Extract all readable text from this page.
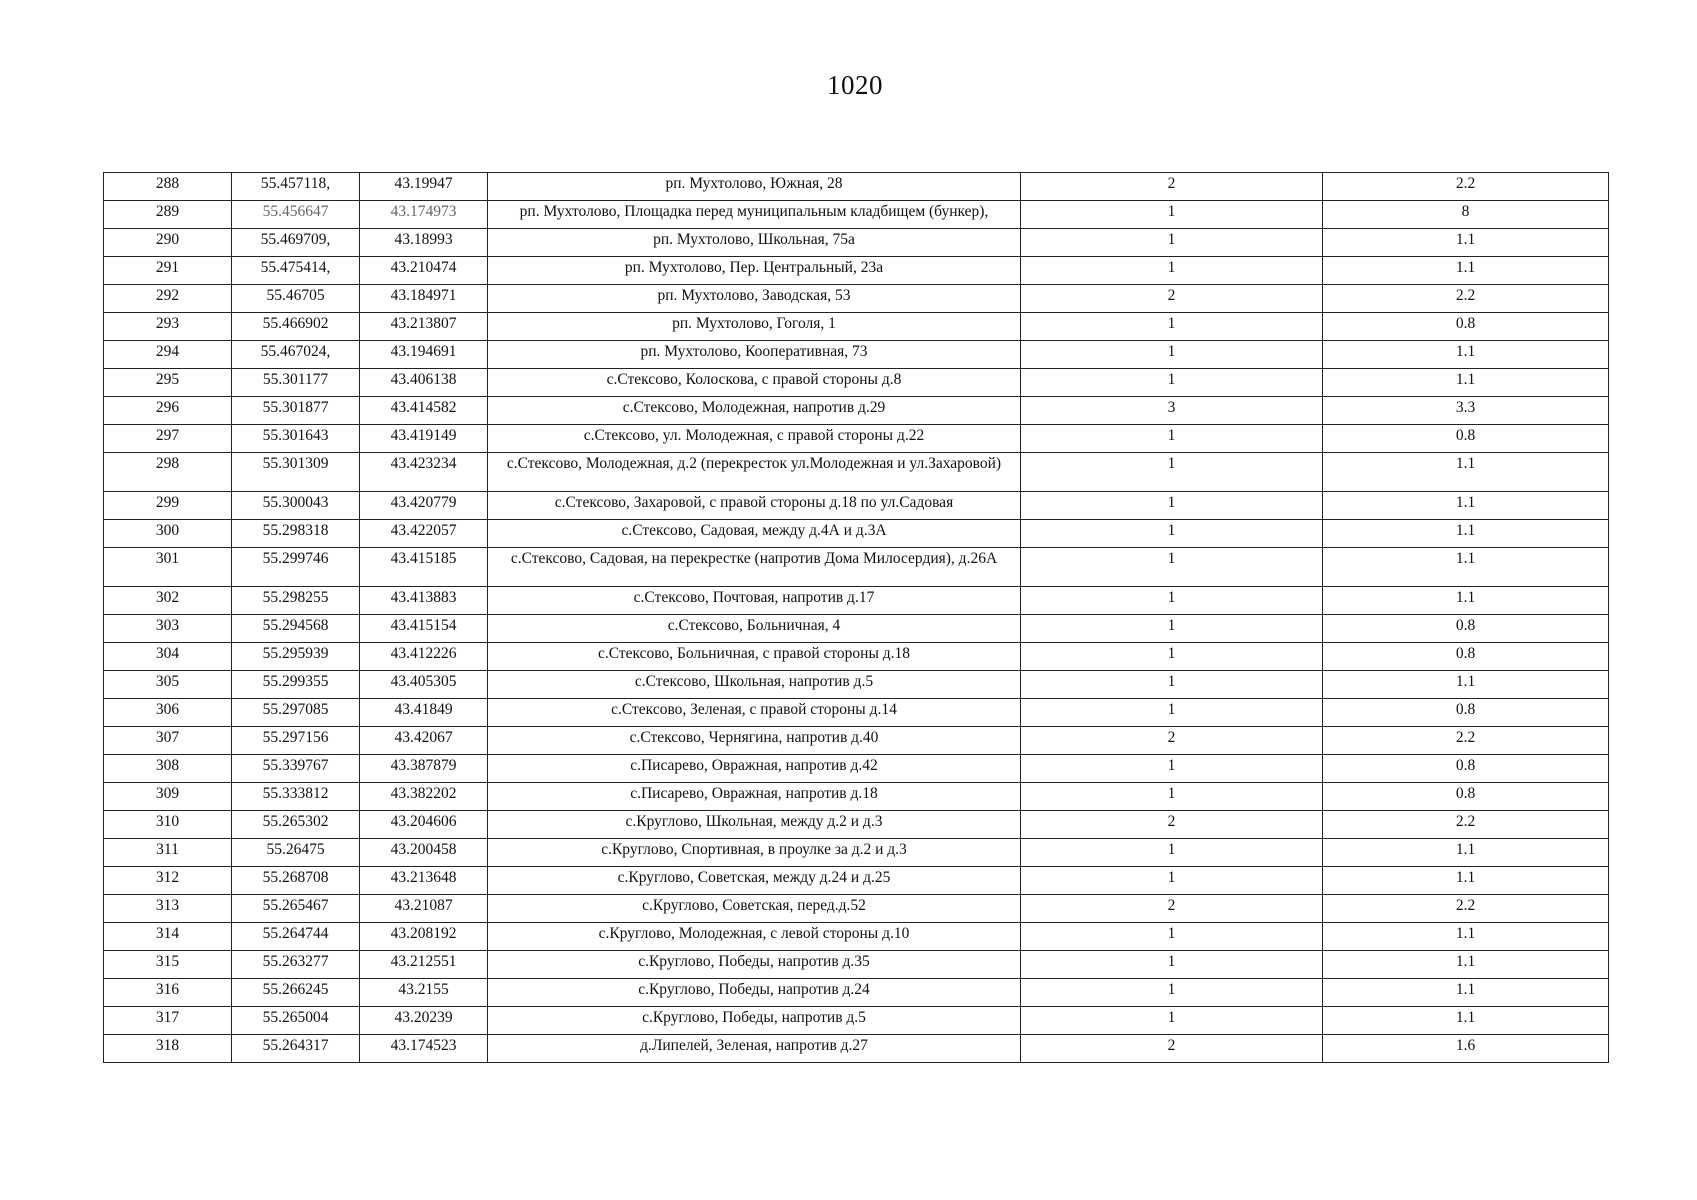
1020
288	55.457118,	43.19947	рп. Мухтолово, Южная, 28	2	2.2
289	55.456647	43.174973	рп. Мухтолово, Площадка перед муниципальным кладбищем (бункер),	1	8
290	55.469709,	43.18993	рп. Мухтолово, Школьная, 75а	1	1.1
291	55.475414,	43.210474	рп. Мухтолово, Пер. Центральный, 23а	1	1.1
292	55.46705	43.184971	рп. Мухтолово, Заводская, 53	2	2.2
293	55.466902	43.213807	рп. Мухтолово, Гоголя, 1	1	0.8
294	55.467024,	43.194691	рп. Мухтолово, Кооперативная, 73	1	1.1
295	55.301177	43.406138	с.Стексово, Колоскова, с правой стороны д.8	1	1.1
296	55.301877	43.414582	с.Стексово, Молодежная, напротив д.29	3	3.3
297	55.301643	43.419149	с.Стексово, ул. Молодежная, с правой стороны д.22	1	0.8
298	55.301309	43.423234	с.Стексово, Молодежная, д.2 (перекресток ул.Молодежная и ул.Захаровой)	1	1.1
299	55.300043	43.420779	с.Стексово, Захаровой, с правой стороны д.18 по ул.Садовая	1	1.1
300	55.298318	43.422057	с.Стексово, Садовая, между д.4А и д.3А	1	1.1
301	55.299746	43.415185	с.Стексово, Садовая, на перекрестке (напротив Дома Милосердия), д.26А	1	1.1
302	55.298255	43.413883	с.Стексово, Почтовая, напротив д.17	1	1.1
303	55.294568	43.415154	с.Стексово, Больничная, 4	1	0.8
304	55.295939	43.412226	с.Стексово, Больничная, с правой стороны д.18	1	0.8
305	55.299355	43.405305	с.Стексово, Школьная, напротив д.5	1	1.1
306	55.297085	43.41849	с.Стексово, Зеленая, с правой стороны д.14	1	0.8
307	55.297156	43.42067	с.Стексово, Чернягина, напротив д.40	2	2.2
308	55.339767	43.387879	с.Писарево, Овражная, напротив д.42	1	0.8
309	55.333812	43.382202	с.Писарево, Овражная, напротив д.18	1	0.8
310	55.265302	43.204606	с.Круглово, Школьная, между д.2 и д.3	2	2.2
311	55.26475	43.200458	с.Круглово, Спортивная, в проулке за д.2 и д.3	1	1.1
312	55.268708	43.213648	с.Круглово, Советская, между д.24 и д.25	1	1.1
313	55.265467	43.21087	с.Круглово, Советская, перед.д.52	2	2.2
314	55.264744	43.208192	с.Круглово, Молодежная, с левой стороны д.10	1	1.1
315	55.263277	43.212551	с.Круглово, Победы, напротив д.35	1	1.1
316	55.266245	43.2155	с.Круглово, Победы, напротив д.24	1	1.1
317	55.265004	43.20239	с.Круглово, Победы, напротив д.5	1	1.1
318	55.264317	43.174523	д.Липелей, Зеленая, напротив д.27	2	1.6
